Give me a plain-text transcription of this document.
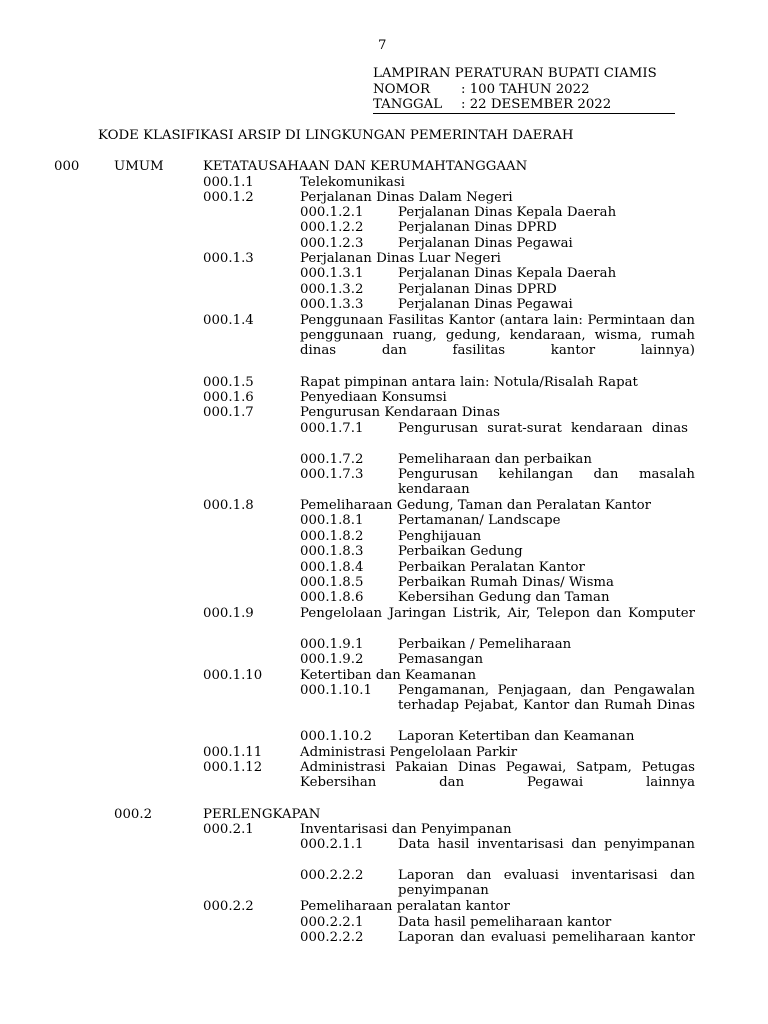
7
LAMPIRAN PERATURAN BUPATI CIAMIS
NOMOR : 100 TAHUN 2022
TANGGAL : 22 DESEMBER 2022
KODE KLASIFIKASI ARSIP DI LINGKUNGAN PEMERINTAH DAERAH
000	UMUM	KETATAUSAHAAN DAN KERUMAHTANGGAAN
000.1.1	Telekomunikasi
000.1.2	Perjalanan Dinas Dalam Negeri
000.1.2.1	Perjalanan Dinas Kepala Daerah
000.1.2.2	Perjalanan Dinas DPRD
000.1.2.3	Perjalanan Dinas Pegawai
000.1.3	Perjalanan Dinas Luar Negeri
000.1.3.1	Perjalanan Dinas Kepala Daerah
000.1.3.2	Perjalanan Dinas DPRD
000.1.3.3	Perjalanan Dinas Pegawai
000.1.4	Penggunaan Fasilitas Kantor (antara lain: Permintaan dan penggunaan ruang, gedung, kendaraan, wisma, rumah dinas dan fasilitas kantor lainnya)
000.1.5	Rapat pimpinan antara lain: Notula/Risalah Rapat
000.1.6	Penyediaan Konsumsi
000.1.7	Pengurusan Kendaraan Dinas
000.1.7.1	Pengurusan surat-surat kendaraan dinas
000.1.7.2	Pemeliharaan dan perbaikan
000.1.7.3	Pengurusan kehilangan dan masalah kendaraan
000.1.8	Pemeliharaan Gedung, Taman dan Peralatan Kantor
000.1.8.1	Pertamanan/ Landscape
000.1.8.2	Penghijauan
000.1.8.3	Perbaikan Gedung
000.1.8.4	Perbaikan Peralatan Kantor
000.1.8.5	Perbaikan Rumah Dinas/ Wisma
000.1.8.6	Kebersihan Gedung dan Taman
000.1.9	Pengelolaan Jaringan Listrik, Air, Telepon dan Komputer
000.1.9.1	Perbaikan / Pemeliharaan
000.1.9.2	Pemasangan
000.1.10	Ketertiban dan Keamanan
000.1.10.1 Pengamanan, Penjagaan, dan Pengawalan terhadap Pejabat, Kantor dan Rumah Dinas
000.1.10.2 Laporan Ketertiban dan Keamanan
000.1.11	Administrasi Pengelolaan Parkir
000.1.12	Administrasi Pakaian Dinas Pegawai, Satpam, Petugas Kebersihan dan Pegawai lainnya
000.2	PERLENGKAPAN
000.2.1	Inventarisasi dan Penyimpanan
000.2.1.1	Data hasil inventarisasi dan penyimpanan
000.2.2.2	Laporan dan evaluasi inventarisasi dan penyimpanan
000.2.2	Pemeliharaan peralatan kantor
000.2.2.1	Data hasil pemeliharaan kantor
000.2.2.2	Laporan dan evaluasi pemeliharaan kantor
